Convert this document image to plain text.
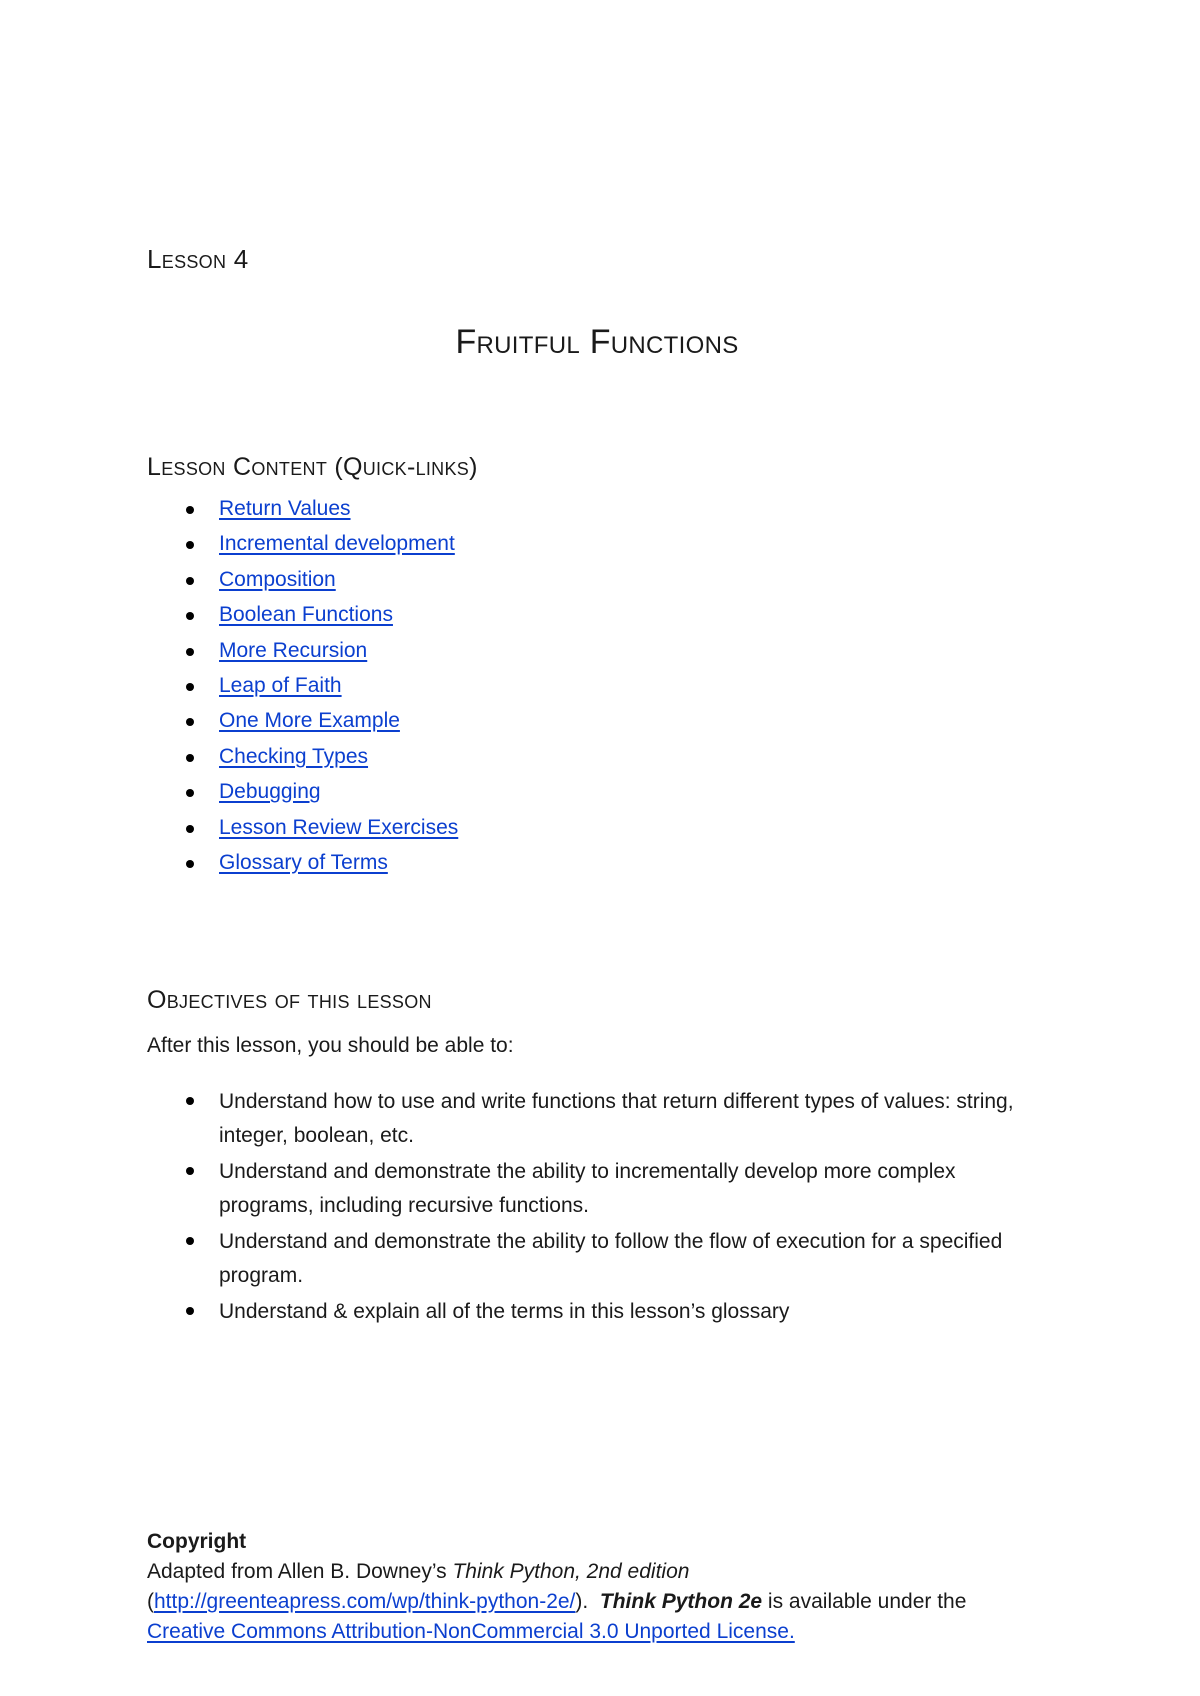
Lesson 4
Fruitful Functions
Lesson Content (Quick-links)
Return Values
Incremental development
Composition
Boolean Functions
More Recursion
Leap of Faith
One More Example
Checking Types
Debugging
Lesson Review Exercises
Glossary of Terms
Objectives of this lesson
After this lesson, you should be able to:
Understand how to use and write functions that return different types of values: string, integer, boolean, etc.
Understand and demonstrate the ability to incrementally develop more complex programs, including recursive functions.
Understand and demonstrate the ability to follow the flow of execution for a specified program.
Understand & explain all of the terms in this lesson’s glossary
Copyright
Adapted from Allen B. Downey’s Think Python, 2nd edition
(http://greenteapress.com/wp/think-python-2e/). Think Python 2e is available under the Creative Commons Attribution-NonCommercial 3.0 Unported License.
